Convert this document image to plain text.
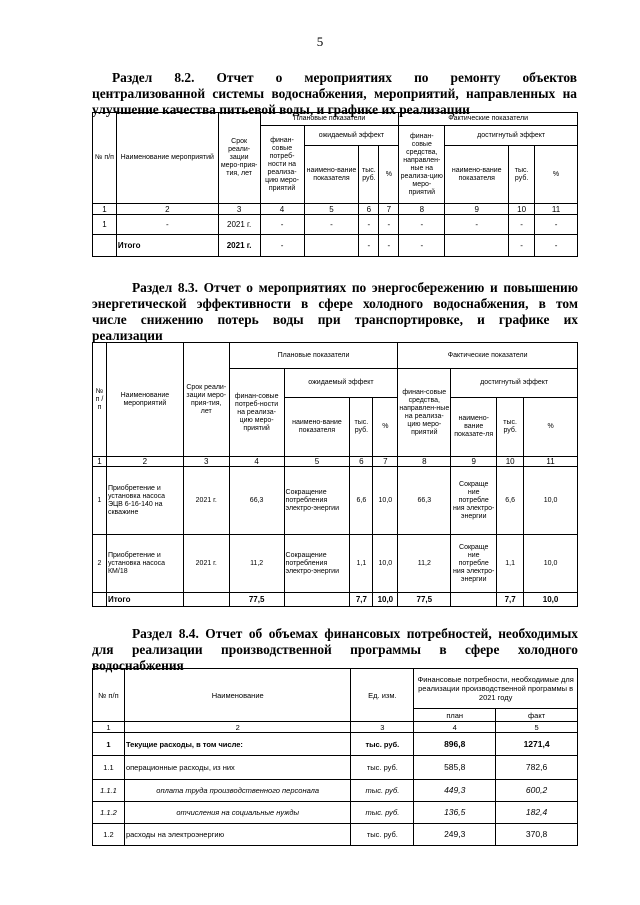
5
Раздел 8.2. Отчет о мероприятиях по ремонту объектов
централизованной системы водоснабжения, мероприятий, направленных на
улучшение качества питьевой воды, и графике их реализации
№ п/п	Наименование мероприятий	Срок реали-зации меро-прия-тия, лет	Плановые показатели				Фактические показатели			
			финан-совые потреб-ности на реализа-цию меро-приятий	ожидаемый эффект			финан-совые средства, направлен-ные на реализа-цию меро-приятий	достигнутый эффект		
				наимено-вание показателя	тыс. руб.	%		наимено-вание показателя	тыс. руб.	%
1	2	3	4	5	6	7	8	9	10	11
1	-	2021 г.	-	-	-	-	-	-	-	-
	Итого	2021 г.	-		-	-	-		-	-
Раздел 8.3. Отчет о мероприятиях по энергосбережению и повышению
энергетической эффективности в сфере холодного водоснабжения, в том
числе снижению потерь воды при транспортировке, и графике их
реализации
№ п / п	Наименование мероприятий	Срок реали-зации меро-прия-тия, лет	Плановые показатели				Фактические показатели			
			финан-совые потреб-ности на реализа-цию меро-приятий	ожидаемый эффект			финан-совые средства, направлен-ные на реализа-цию меро-приятий	достигнутый эффект		
				наимено-вание показателя	тыс. руб.	%		наимено-вание показате-ля	тыс. руб.	%
1	2	3	4	5	6	7	8	9	10	11
1	Приобретение и установка насоса ЭЦВ 6-16-140 на скважине	2021 г.	66,3	Сокращение потребления электро-энергии	6,6	10,0	66,3	Сокраще ние потребле ния электро-энергии	6,6	10,0
2	Приобретение и установка насоса КМ/18	2021 г.	11,2	Сокращение потребления электро-энергии	1,1	10,0	11,2	Сокраще ние потребле ния электро-энергии	1,1	10,0
	Итого		77,5		7,7	10,0	77,5		7,7	10,0
Раздел 8.4. Отчет об объемах финансовых потребностей, необходимых
для реализации производственной программы в сфере холодного
водоснабжения
№ п/п	Наименование	Ед. изм.	Финансовые потребности, необходимые для реализации производственной программы в 2021 году	
			план	факт
1	2	3	4	5
1	Текущие расходы, в том числе:	тыс. руб.	896,8	1271,4
1.1	операционные расходы, из них	тыс. руб.	585,8	782,6
1.1.1	оплата труда производственного персонала	тыс. руб.	449,3	600,2
1.1.2	отчисления на социальные нужды	тыс. руб.	136,5	182,4
1.2	расходы на электроэнергию	тыс. руб.	249,3	370,8
